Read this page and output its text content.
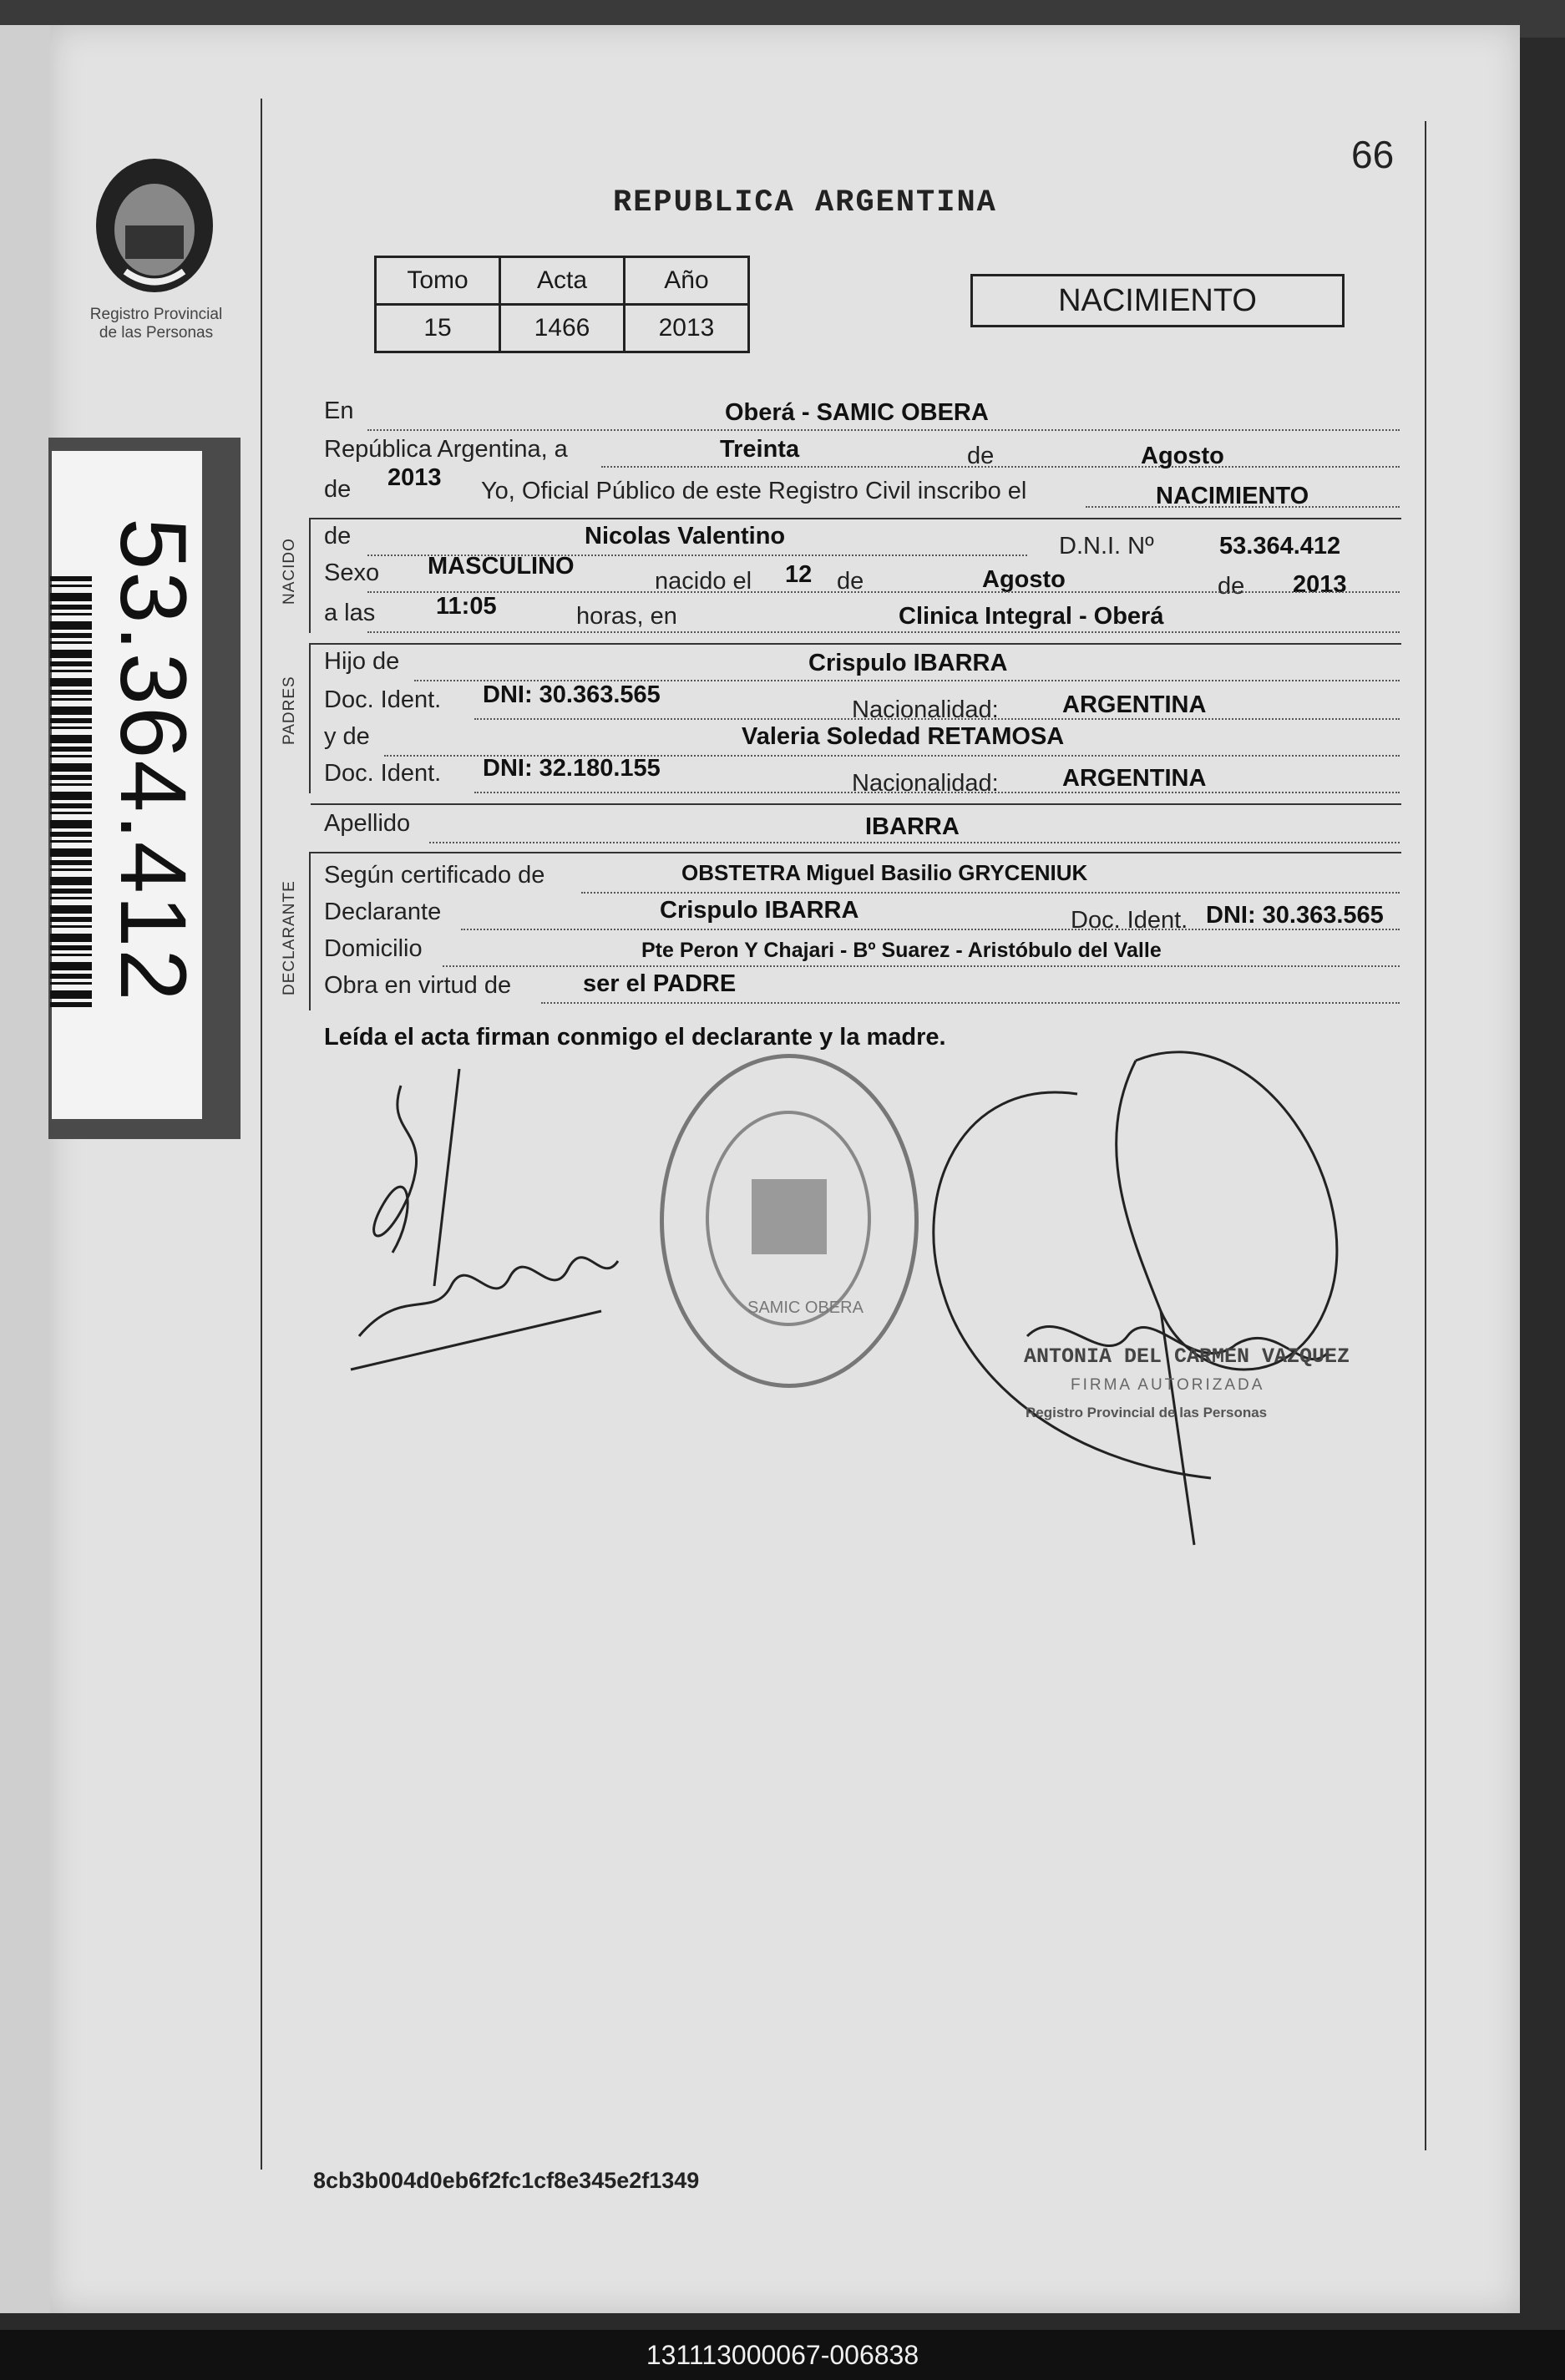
Registro Provincial
de las Personas
53.364.412
66
REPUBLICA ARGENTINA
Tomo	Acta	Año
15	1466	2013
NACIMIENTO
En	Oberá - SAMIC OBERA
República Argentina, a	Treinta	de	Agosto
de 2013 Yo, Oficial Público de este Registro Civil inscribo el	NACIMIENTO
NACIDO
de	Nicolas Valentino	D.N.I. Nº	53.364.412
Sexo MASCULINO
nacido el 12 de	Agosto	de 2013
a las	11:05	horas, en	Clinica Integral - Oberá
PADRES
Hijo de	Crispulo IBARRA
Doc. Ident. DNI: 30.363.565
Nacionalidad:	ARGENTINA
y de	Valeria Soledad RETAMOSA
Doc. Ident. DNI: 32.180.155
Nacionalidad:	ARGENTINA
Apellido	IBARRA
DECLARANTE
Según certificado de	OBSTETRA Miguel Basilio GRYCENIUK
Declarante	Crispulo IBARRA	Doc. Ident. DNI: 30.363.565
Domicilio	Pte Peron Y Chajari - Bº Suarez - Aristóbulo del Valle
Obra en virtud de	ser el PADRE
Leída el acta firman conmigo el declarante y la madre.
SAMIC OBERA
ANTONIA DEL CARMEN VAZQUEZ
FIRMA AUTORIZADA
Registro Provincial de las Personas
8cb3b004d0eb6f2fc1cf8e345e2f1349
131113000067-006838
